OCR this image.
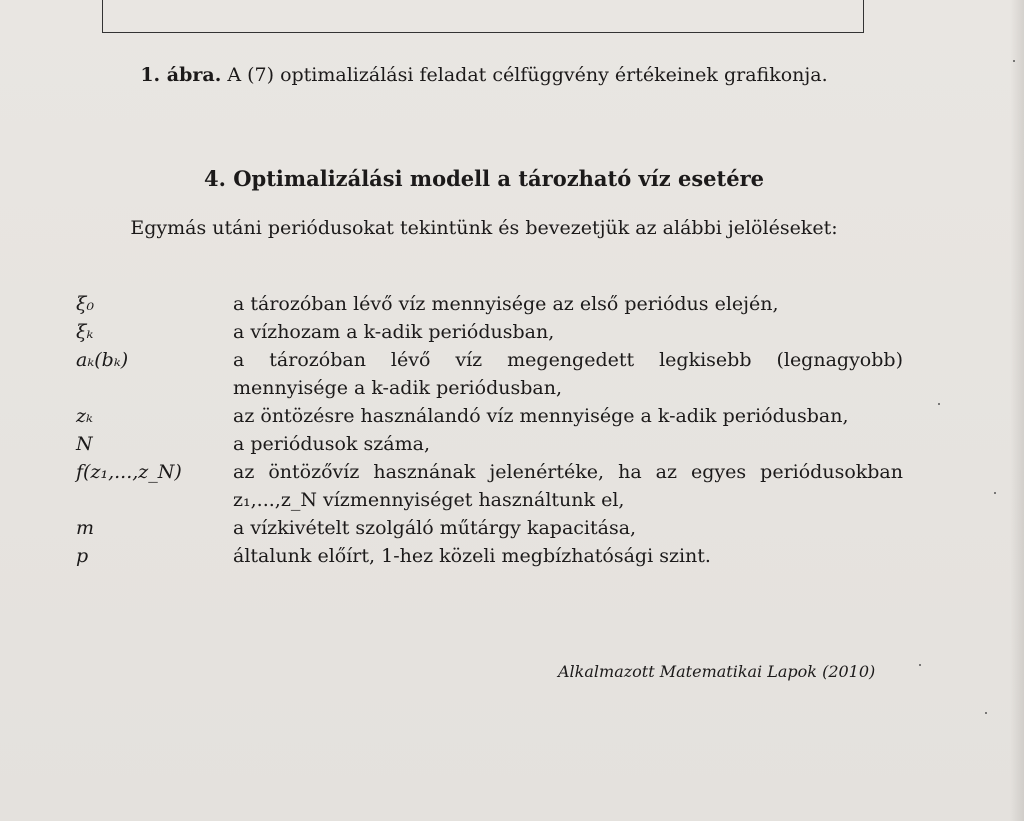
1. ábra. A (7) optimalizálási feladat célfüggvény értékeinek grafikonja.
4. Optimalizálási modell a tározható víz esetére
Egymás utáni periódusokat tekintünk és bevezetjük az alábbi jelöléseket:
ξ₀	a tározóban lévő víz mennyisége az első periódus elején,
ξₖ	a vízhozam a k-adik periódusban,
aₖ(bₖ)	a tározóban lévő víz megengedett legkisebb (legnagyobb) mennyisége a k-adik periódusban,
zₖ	az öntözésre használandó víz mennyisége a k-adik periódusban,
N	a periódusok száma,
f(z₁,...,z_N)	az öntözővíz hasznának jelenértéke, ha az egyes periódusokban z₁,...,z_N vízmennyiséget használtunk el,
m	a vízkivételt szolgáló műtárgy kapacitása,
p	általunk előírt, 1-hez közeli megbízhatósági szint.
Alkalmazott Matematikai Lapok (2010)
